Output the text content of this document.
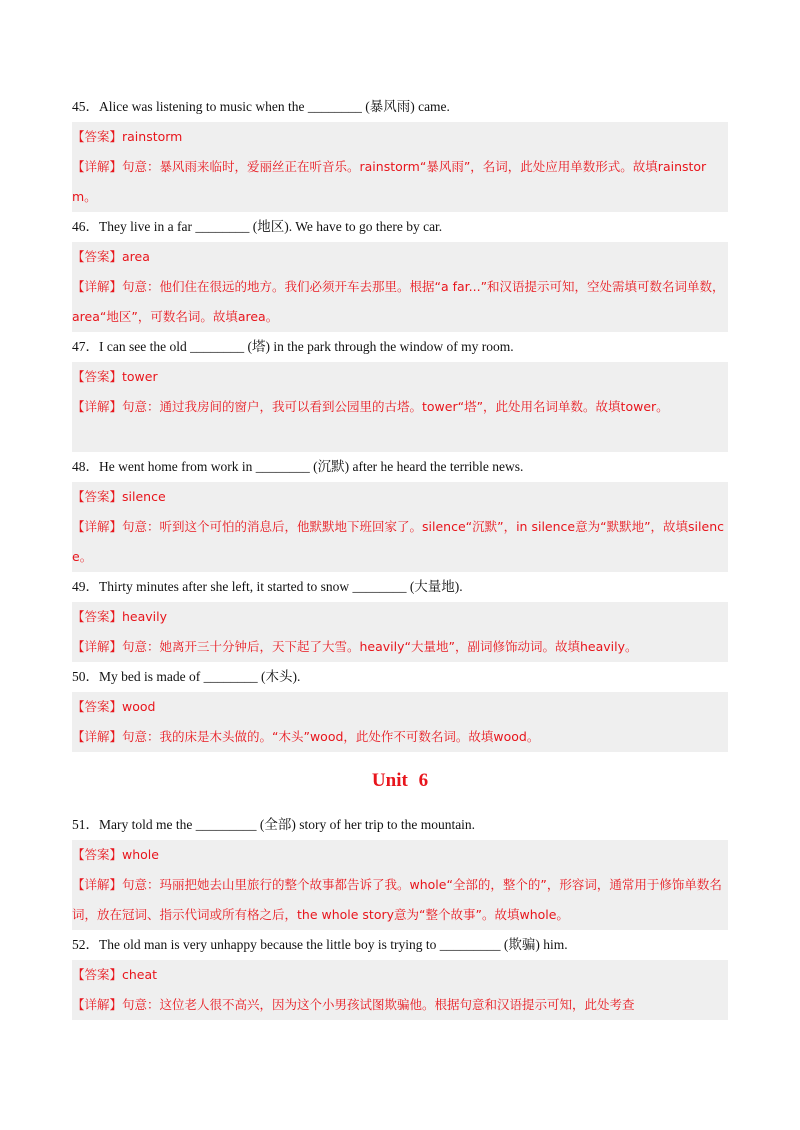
45．Alice was listening to music when the ________ (暴风雨) came.
【答案】rainstorm
【详解】句意：暴风雨来临时，爱丽丝正在听音乐。rainstorm“暴风雨”，名词，此处应用单数形式。故填rainstorm。
46．They live in a far ________ (地区). We have to go there by car.
【答案】area
【详解】句意：他们住在很远的地方。我们必须开车去那里。根据“a far...”和汉语提示可知，空处需填可数名词单数，area“地区”，可数名词。故填area。
47．I can see the old ________ (塔) in the park through the window of my room.
【答案】tower
【详解】句意：通过我房间的窗户，我可以看到公园里的古塔。tower“塔”，此处用名词单数。故填tower。
48．He went home from work in ________ (沉默) after he heard the terrible news.
【答案】silence
【详解】句意：听到这个可怕的消息后，他默默地下班回家了。silence“沉默”，in silence意为“默默地”，故填silence。
49．Thirty minutes after she left, it started to snow ________ (大量地).
【答案】heavily
【详解】句意：她离开三十分钟后，天下起了大雪。heavily“大量地”，副词修饰动词。故填heavily。
50．My bed is made of ________ (木头).
【答案】wood
【详解】句意：我的床是木头做的。“木头”wood，此处作不可数名词。故填wood。
Unit 6
51．Mary told me the _________ (全部) story of her trip to the mountain.
【答案】whole
【详解】句意：玛丽把她去山里旅行的整个故事都告诉了我。whole“全部的，整个的”，形容词，通常用于修饰单数名词，放在冠词、指示代词或所有格之后，the whole story意为“整个故事”。故填whole。
52．The old man is very unhappy because the little boy is trying to _________ (欺骗) him.
【答案】cheat
【详解】句意：这位老人很不高兴，因为这个小男孩试图欺骗他。根据句意和汉语提示可知，此处考查
